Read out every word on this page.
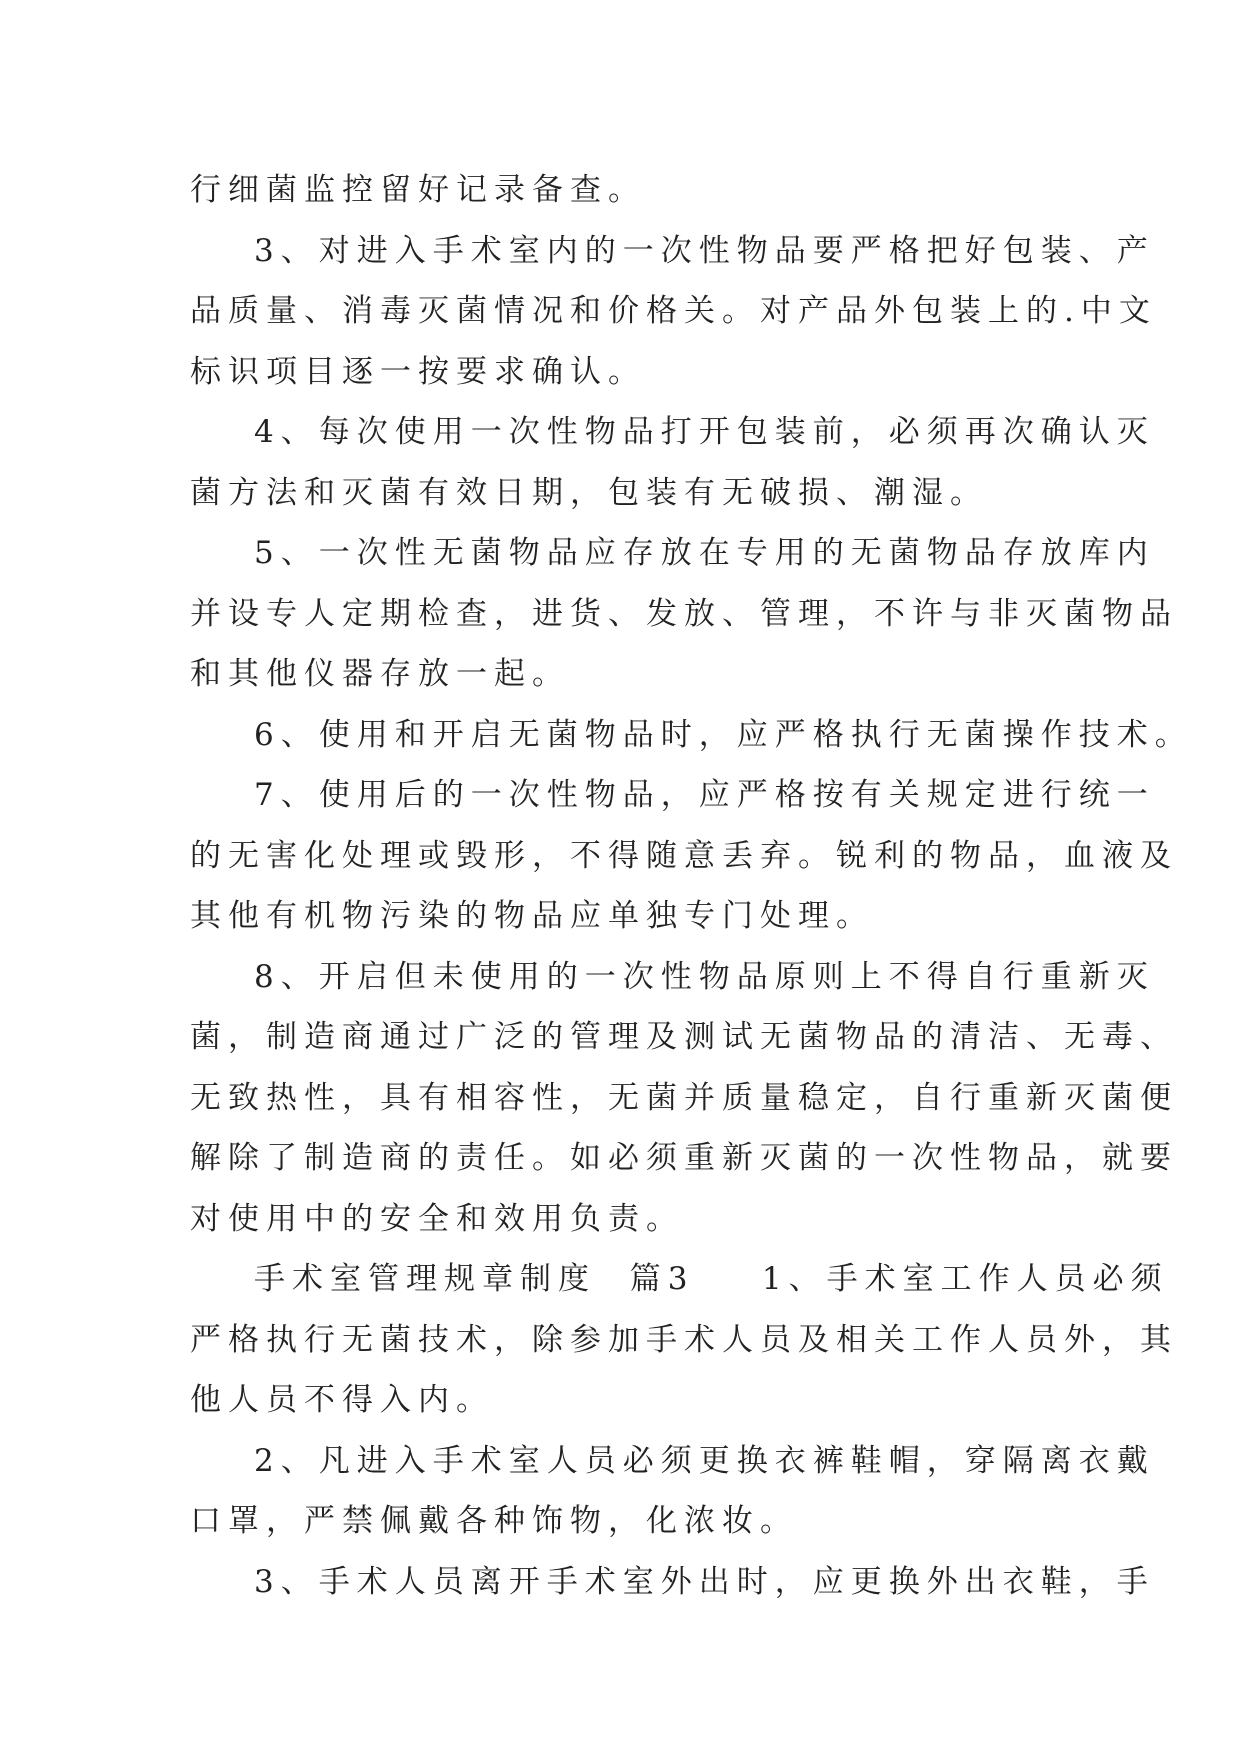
行细菌监控留好记录备查。
3、对进入手术室内的一次性物品要严格把好包装、产
品质量、消毒灭菌情况和价格关。对产品外包装上的.中文
标识项目逐一按要求确认。
4、每次使用一次性物品打开包装前，必须再次确认灭
菌方法和灭菌有效日期，包装有无破损、潮湿。
5、一次性无菌物品应存放在专用的无菌物品存放库内
并设专人定期检查，进货、发放、管理，不许与非灭菌物品
和其他仪器存放一起。
6、使用和开启无菌物品时，应严格执行无菌操作技术。
7、使用后的一次性物品，应严格按有关规定进行统一
的无害化处理或毁形，不得随意丢弃。锐利的物品，血液及
其他有机物污染的物品应单独专门处理。
8、开启但未使用的一次性物品原则上不得自行重新灭
菌，制造商通过广泛的管理及测试无菌物品的清洁、无毒、
无致热性，具有相容性，无菌并质量稳定，自行重新灭菌便
解除了制造商的责任。如必须重新灭菌的一次性物品，就要
对使用中的安全和效用负责。
手术室管理规章制度  篇3    1、手术室工作人员必须
严格执行无菌技术，除参加手术人员及相关工作人员外，其
他人员不得入内。
2、凡进入手术室人员必须更换衣裤鞋帽，穿隔离衣戴
口罩，严禁佩戴各种饰物，化浓妆。
3、手术人员离开手术室外出时，应更换外出衣鞋，手
